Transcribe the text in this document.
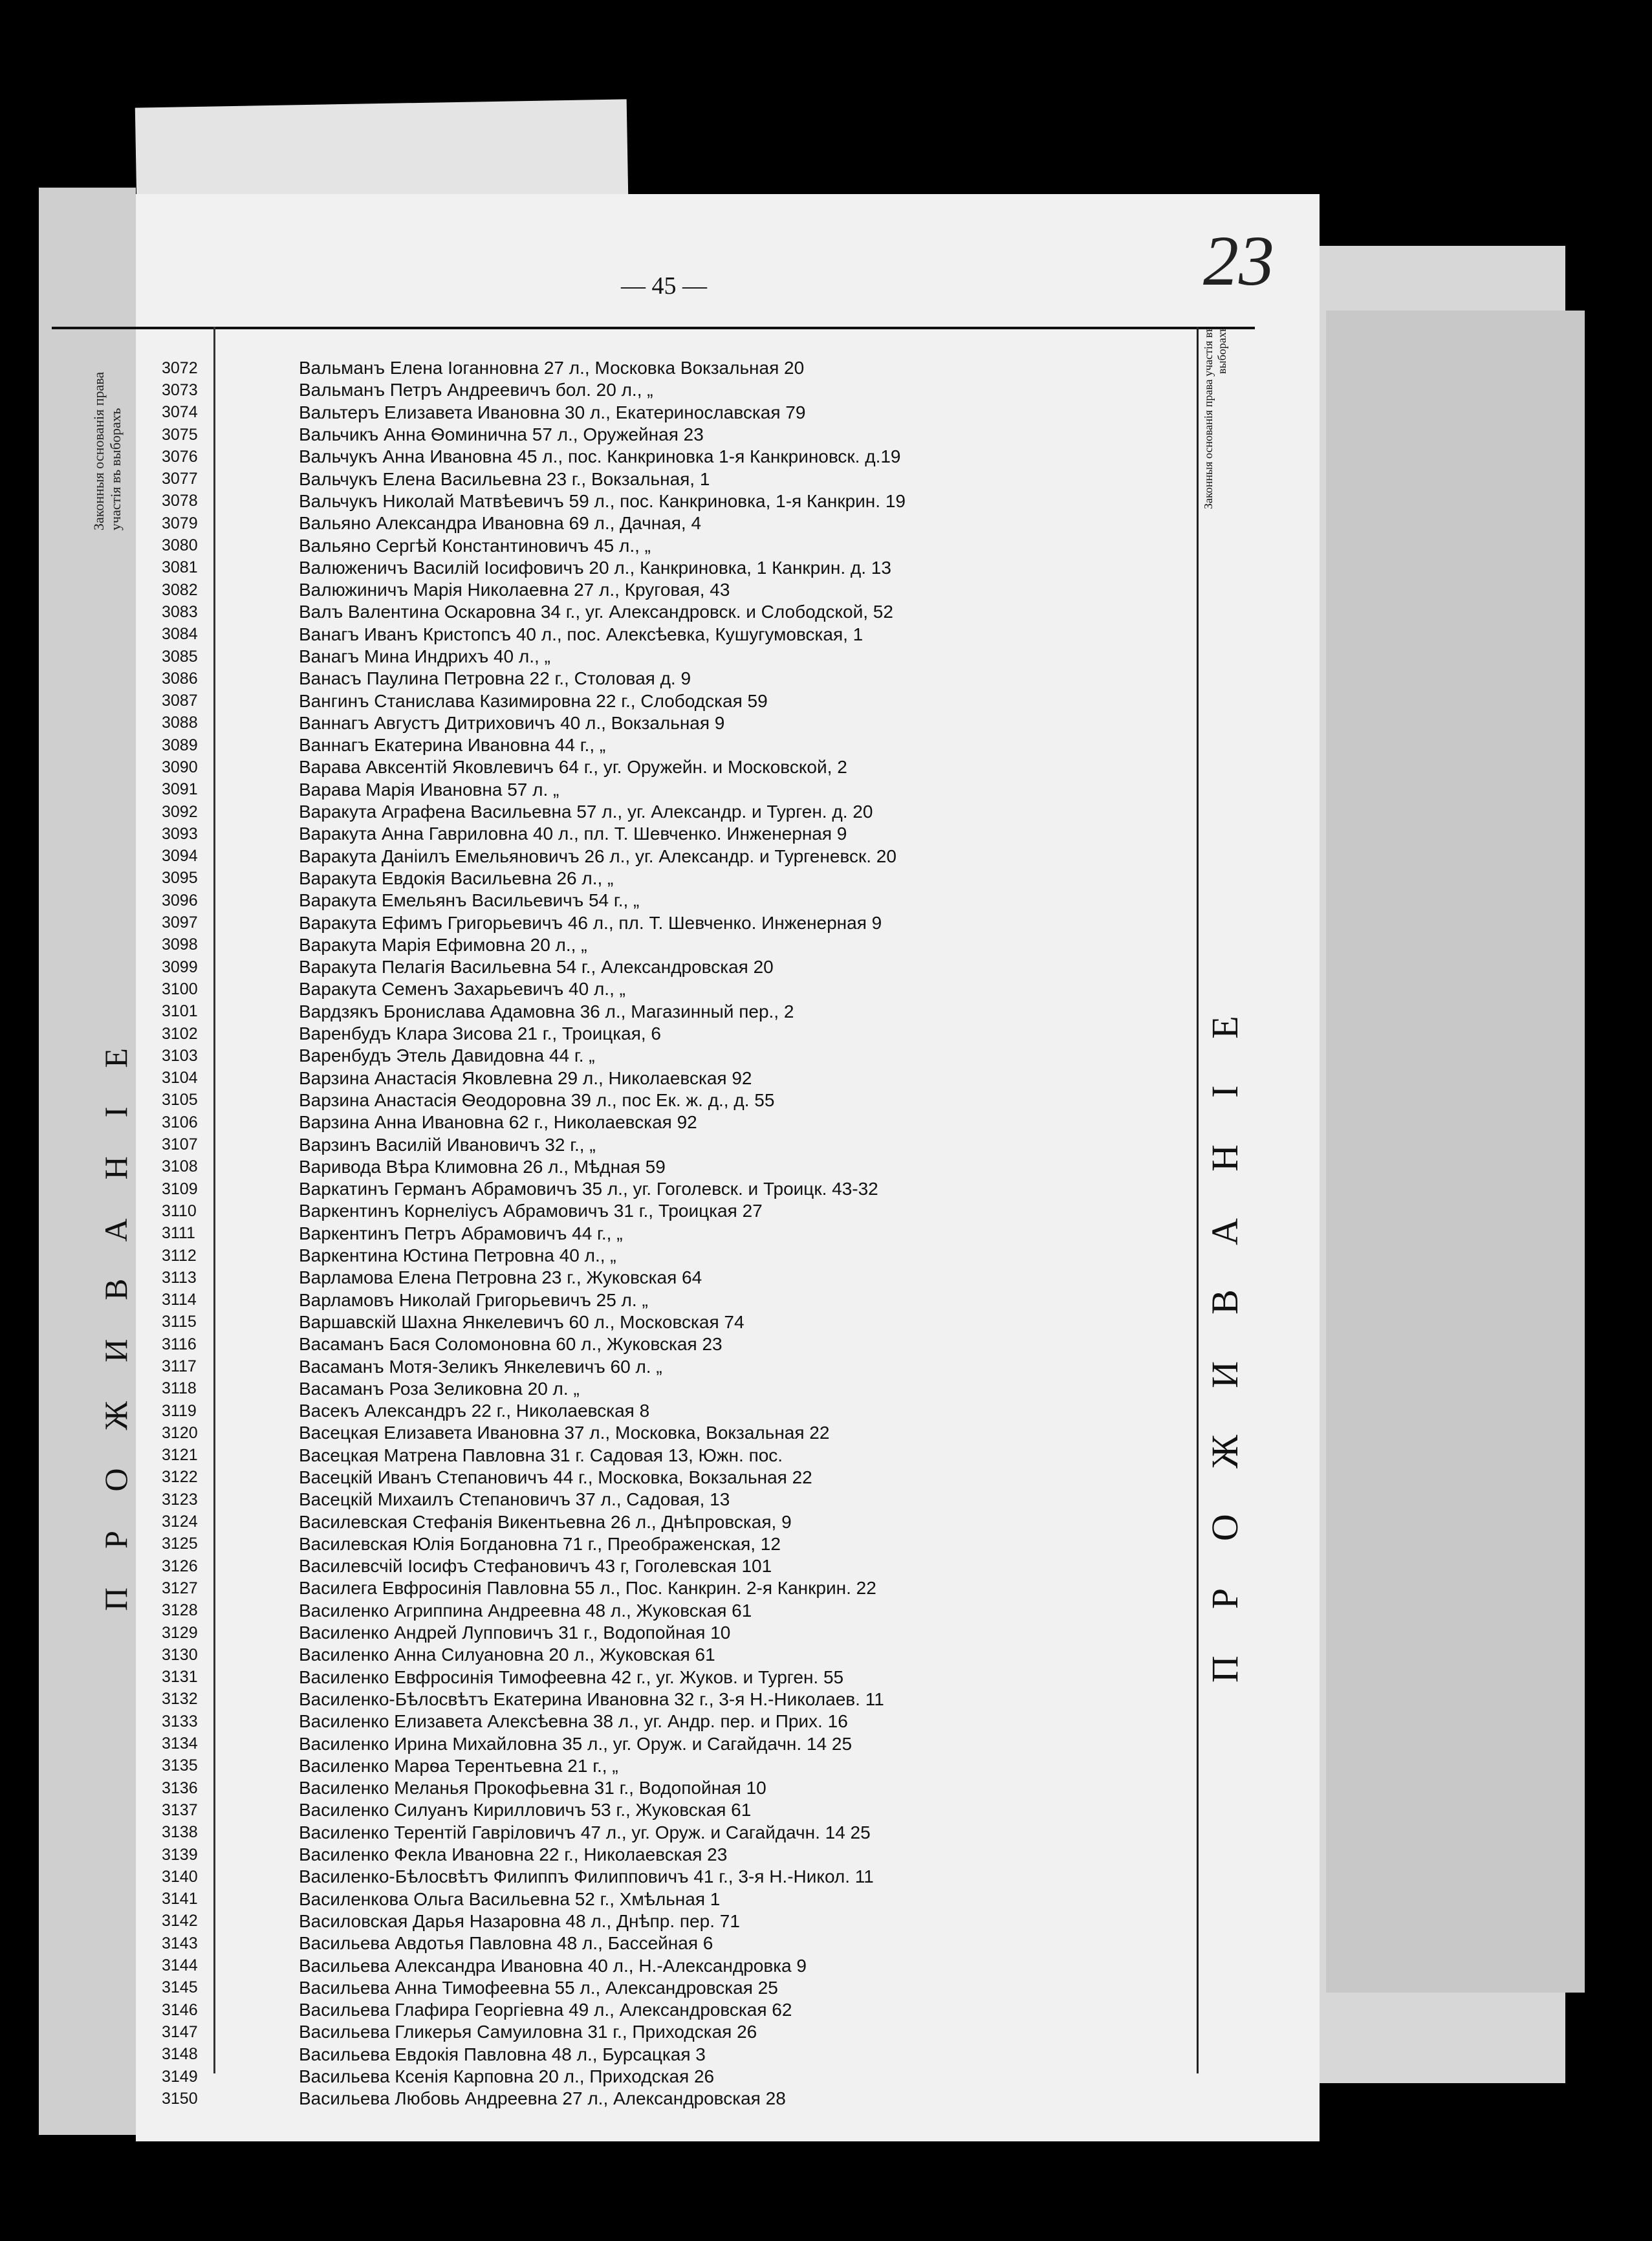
Законныя основанія права участія въ выборахъ
ПРОЖИВАНІЕ
— 45 —	23
Законныя основанія права участія въ выборахъ
ПРОЖИВАНІЕ
3072	Вальманъ Елена Іоганновна 27 л., Московка Вокзальная 20
3073	Вальманъ Петръ Андреевичъ бол. 20 л., „
3074	Вальтеръ Елизавета Ивановна 30 л., Екатеринославская 79
3075	Вальчикъ Анна Ѳоминична 57 л., Оружейная 23
3076	Вальчукъ Анна Ивановна 45 л., пос. Канкриновка 1-я Канкриновск. д.19
3077	Вальчукъ Елена Васильевна 23 г., Вокзальная, 1
3078	Вальчукъ Николай Матвѣевичъ 59 л., пос. Канкриновка, 1-я Канкрин. 19
3079	Вальяно Александра Ивановна 69 л., Дачная, 4
3080	Вальяно Сергѣй Константиновичъ 45 л., „
3081	Валюженичъ Василій Іосифовичъ 20 л., Канкриновка, 1 Канкрин. д. 13
3082	Валюжиничъ Марія Николаевна 27 л., Круговая, 43
3083	Валъ Валентина Оскаровна 34 г., уг. Александровск. и Слободской, 52
3084	Ванагъ Иванъ Кристопсъ 40 л., пос. Алексѣевка, Кушугумовская, 1
3085	Ванагъ Мина Индрихъ 40 л., „
3086	Ванасъ Паулина Петровна 22 г., Столовая д. 9
3087	Вангинъ Станислава Казимировна 22 г., Слободская 59
3088	Ваннагъ Августъ Дитриховичъ 40 л., Вокзальная 9
3089	Ваннагъ Екатерина Ивановна 44 г., „
3090	Варава Авксентій Яковлевичъ 64 г., уг. Оружейн. и Московской, 2
3091	Варава Марія Ивановна 57 л. „
3092	Варакута Аграфена Васильевна 57 л., уг. Александр. и Турген. д. 20
3093	Варакута Анна Гавриловна 40 л., пл. Т. Шевченко. Инженерная 9
3094	Варакута Даніилъ Емельяновичъ 26 л., уг. Александр. и Тургеневск. 20
3095	Варакута Евдокія Васильевна 26 л., „
3096	Варакута Емельянъ Васильевичъ 54 г., „
3097	Варакута Ефимъ Григорьевичъ 46 л., пл. Т. Шевченко. Инженерная 9
3098	Варакута Марія Ефимовна 20 л., „
3099	Варакута Пелагія Васильевна 54 г., Александровская 20
3100	Варакута Семенъ Захарьевичъ 40 л., „
3101	Вардзякъ Бронислава Адамовна 36 л., Магазинный пер., 2
3102	Варенбудъ Клара Зисова 21 г., Троицкая, 6
3103	Варенбудъ Этель Давидовна 44 г. „
3104	Варзина Анастасія Яковлевна 29 л., Николаевская 92
3105	Варзина Анастасія Ѳеодоровна 39 л., пос Ек. ж. д., д. 55
3106	Варзина Анна Ивановна 62 г., Николаевская 92
3107	Варзинъ Василій Ивановичъ 32 г., „
3108	Варивода Вѣра Климовна 26 л., Мѣдная 59
3109	Варкатинъ Германъ Абрамовичъ 35 л., уг. Гоголевск. и Троицк. 43-32
3110	Варкентинъ Корнеліусъ Абрамовичъ 31 г., Троицкая 27
3111	Варкентинъ Петръ Абрамовичъ 44 г., „
3112	Варкентина Юстина Петровна 40 л., „
3113	Варламова Елена Петровна 23 г., Жуковская 64
3114	Варламовъ Николай Григорьевичъ 25 л. „
3115	Варшавскій Шахна Янкелевичъ 60 л., Московская 74
3116	Васаманъ Бася Соломоновна 60 л., Жуковская 23
3117	Васаманъ Мотя-Зеликъ Янкелевичъ 60 л. „
3118	Васаманъ Роза Зеликовна 20 л. „
3119	Васекъ Александръ 22 г., Николаевская 8
3120	Васецкая Елизавета Ивановна 37 л., Московка, Вокзальная 22
3121	Васецкая Матрена Павловна 31 г. Садовая 13, Южн. пос.
3122	Васецкій Иванъ Степановичъ 44 г., Московка, Вокзальная 22
3123	Васецкій Михаилъ Степановичъ 37 л., Садовая, 13
3124	Василевская Стефанія Викентьевна 26 л., Днѣпровская, 9
3125	Василевская Юлія Богдановна 71 г., Преображенская, 12
3126	Василевсчій Іосифъ Стефановичъ 43 г, Гоголевская 101
3127	Василега Евфросинія Павловна 55 л., Пос. Канкрин. 2-я Канкрин. 22
3128	Василенко Агриппина Андреевна 48 л., Жуковская 61
3129	Василенко Андрей Лупповичъ 31 г., Водопойная 10
3130	Василенко Анна Силуановна 20 л., Жуковская 61
3131	Василенко Евфросинія Тимофеевна 42 г., уг. Жуков. и Турген. 55
3132	Василенко-Бѣлосвѣтъ Екатерина Ивановна 32 г., 3-я Н.-Николаев. 11
3133	Василенко Елизавета Алексѣевна 38 л., уг. Андр. пер. и Прих. 16
3134	Василенко Ирина Михайловна 35 л., уг. Оруж. и Сагайдачн. 14 25
3135	Василенко Марѳа Терентьевна 21 г., „
3136	Василенко Меланья Прокофьевна 31 г., Водопойная 10
3137	Василенко Силуанъ Кирилловичъ 53 г., Жуковская 61
3138	Василенко Терентій Гавріловичъ 47 л., уг. Оруж. и Сагайдачн. 14 25
3139	Василенко Фекла Ивановна 22 г., Николаевская 23
3140	Василенко-Бѣлосвѣтъ Филиппъ Филипповичъ 41 г., 3-я Н.-Никол. 11
3141	Василенкова Ольга Васильевна 52 г., Хмѣльная 1
3142	Василовская Дарья Назаровна 48 л., Днѣпр. пер. 71
3143	Васильева Авдотья Павловна 48 л., Бассейная 6
3144	Васильева Александра Ивановна 40 л., Н.-Александровка 9
3145	Васильева Анна Тимофеевна 55 л., Александровская 25
3146	Васильева Глафира Георгіевна 49 л., Александровская 62
3147	Васильева Гликерья Самуиловна 31 г., Приходская 26
3148	Васильева Евдокія Павловна 48 л., Бурсацкая 3
3149	Васильева Ксенія Карповна 20 л., Приходская 26
3150	Васильева Любовь Андреевна 27 л., Александровская 28
